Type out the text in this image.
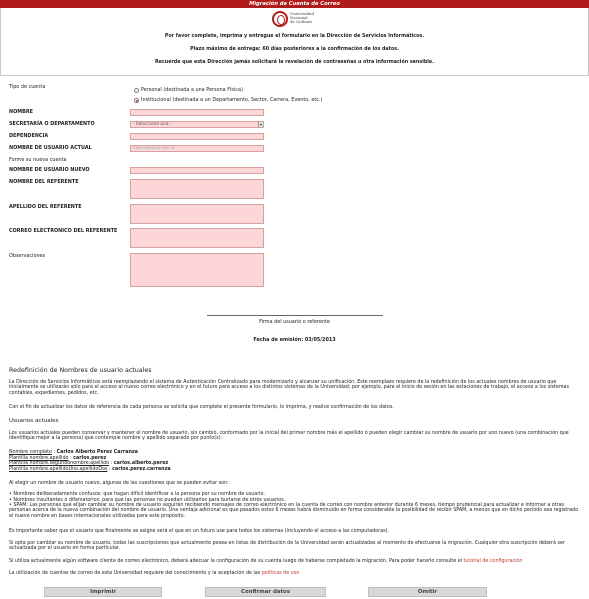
Migración de Cuenta de Correo
Universidad
Nacional
de Quilmes
Por favor complete, imprima y entregue el formulario en la Dirección de Servicios Informáticos.
Plazo máximo de entrega: 60 días posteriores a la confirmación de los datos.
Recuerde que esta Dirección jamás solicitará la revelación de contraseñas u otra información sensible.
Tipo de cuenta	Personal (destinada a una Persona Física)
Institucional (destinada a un Departamento, Sector, Carrera, Evento, etc.)
NOMBRE
SECRETARÍA O DEPARTAMENTO	- Seleccione una -	▾
DEPENDENCIA
NOMBRE DE USUARIO ACTUAL	loginla@unq.edu.ar
Forme su nueva cuenta
NOMBRE DE USUARIO NUEVO
NOMBRE DEL REFERENTE
APELLIDO DEL REFERENTE
CORREO ELECTRONICO DEL REFERENTE
Observaciones
Firma del usuario o referente
Fecha de emisión: 03/05/2013
Redefinición de Nombres de usuario actuales
La Dirección de Servicios Informáticos está reemplazando el sistema de Autenticación Centralizado para modernizarlo y alcanzar su unificación. Este reemplazo requiere de la redefinición de los actuales nombres de usuario que inicialmente se utilizarán sólo para el acceso al nuevo correo electrónico y en el futuro para acceso a los distintos sistemas de la Universidad; por ejemplo, para el inicio de sesión en las estaciones de trabajo, el acceso a los sistemas contables, expedientes, pedidos, etc.
Con el fin de actualizar los datos de referencia de cada persona se solicita que complete el presente formulario, lo imprima, y realice confirmación de los datos.
Usuarios actuales
Los usuarios actuales pueden conservar y mantener el nombre de usuario, sin cambio, conformado por la inicial del primer nombre más el apellido ó pueden elegir cambiar su nombre de usuario por uno nuevo (una combinación que identifique mejor a la persona) que contemple nombre y apellido separado por punto(s):
Nombre completo : Carlos Alberto Perez Carranza
Plantilla nombre.apellido : carlos.perez
Plantilla nombre.segundonombre.apellido : carlos.alberto.perez
Plantilla nombre.apellidoUno.apellidoDos : carlos.perez.carranza
Al elegir un nombre de usuario nuevo, algunas de las cuestiones que se pueden evitar son:
• Nombres deliberadamente confusos: que hagan difícil identificar a la persona por su nombre de usuario.
• Nombres insultantes ó difamatorios: para que las personas no puedan utilizarlos para burlarse de otros usuarios.
• SPAM: Las personas que elijan cambiar su nombre de usuario seguirán recibiendo mensajes de correo electrónico en la cuenta de correo con nombre anterior durante 6 meses, tiempo prudencial para actualizar e informar a otras personas acerca de la nueva combinación del nombre de usuario. Una ventaja adicional es que pasados estos 6 meses habrá disminuido en forma considerable la posibilidad de recibir SPAM, a menos que en dicho período sea registrado el nuevo nombre en bases internacionales utilizadas para este propósito.
Es importante saber que el usuario que finalmente se asigne será el que en un futuro use para todos los sistemas (incluyendo el acceso a las computadoras).
Si opta por cambiar su nombre de usuario, todas las suscripciones que actualmente posea en listas de distribución de la Universidad serán actualizadas al momento de efectuarse la migración. Cualquier otra suscripción deberá ser actualizada por el usuario en forma particular.
Si utiliza actualmente algún software cliente de correo electrónico, deberá adecuar la configuración de su cuenta luego de haberse completado la migración. Para poder hacerlo consulte el tutorial de configuración
La utilización de cuentas de correo de esta Universidad requiere del conocimiento y la aceptación de las políticas de uso
Imprimir	Confirmar datos	Omitir
